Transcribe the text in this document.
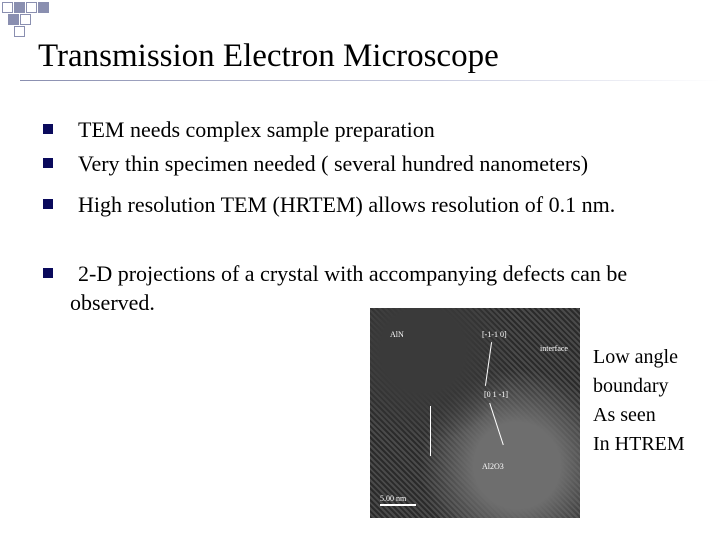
Transmission Electron Microscope
TEM needs complex sample preparation
Very thin specimen needed ( several hundred nanometers)
High resolution TEM (HRTEM) allows resolution of 0.1 nm.
2-D projections of a crystal with accompanying defects can be observed.
AlN	[-1-1 0]
interface
[0 1 -1]
Al2O3
5.00 nm
Low angle
boundary
As seen
In HTREM
